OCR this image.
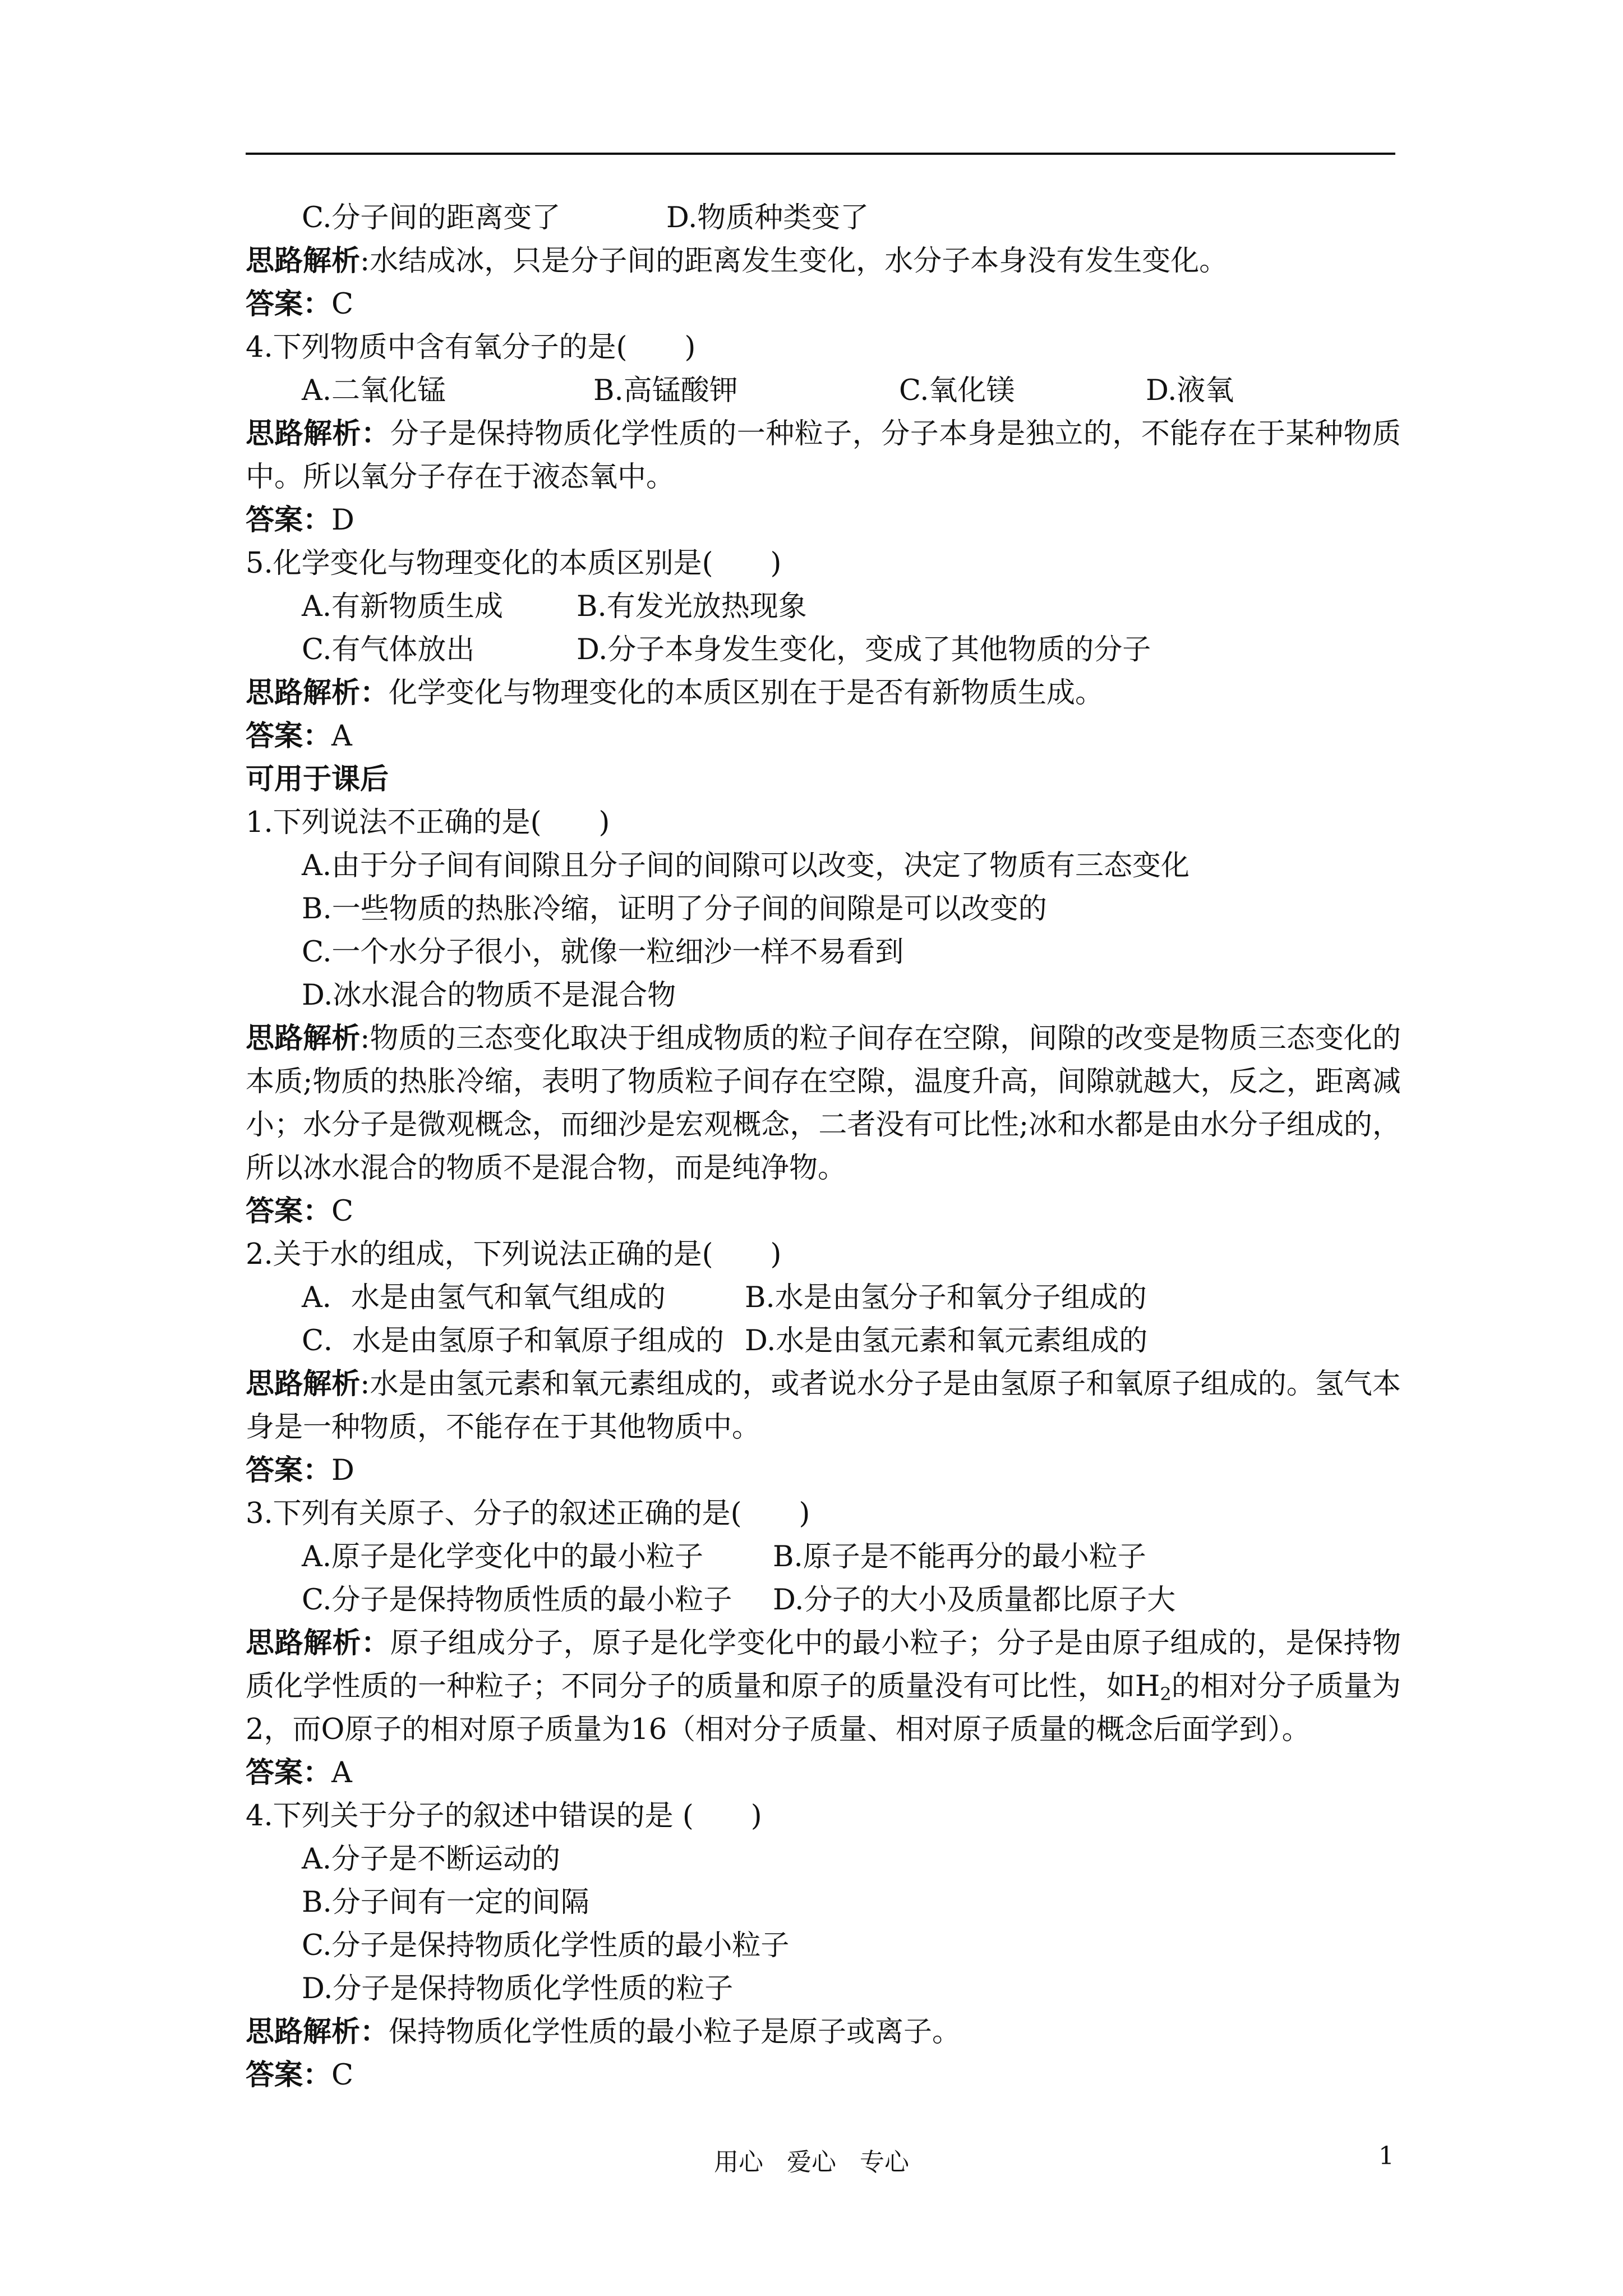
C.分子间的距离变了	D.物质种类变了
思路解析:水结成冰，只是分子间的距离发生变化，水分子本身没有发生变化。
答案：C
4.下列物质中含有氧分子的是(　　)
A.二氧化锰	B.高锰酸钾	C.氧化镁	D.液氧
思路解析：分子是保持物质化学性质的一种粒子，分子本身是独立的，不能存在于某种物质中。所以氧分子存在于液态氧中。
答案：D
5.化学变化与物理变化的本质区别是(　　)
A.有新物质生成	B.有发光放热现象
C.有气体放出	D.分子本身发生变化，变成了其他物质的分子
思路解析：化学变化与物理变化的本质区别在于是否有新物质生成。
答案：A
可用于课后
1.下列说法不正确的是(　　)
A.由于分子间有间隙且分子间的间隙可以改变，决定了物质有三态变化
B.一些物质的热胀冷缩，证明了分子间的间隙是可以改变的
C.一个水分子很小，就像一粒细沙一样不易看到
D.冰水混合的物质不是混合物
思路解析:物质的三态变化取决于组成物质的粒子间存在空隙，间隙的改变是物质三态变化的本质;物质的热胀冷缩，表明了物质粒子间存在空隙，温度升高，间隙就越大，反之，距离减小；水分子是微观概念，而细沙是宏观概念，二者没有可比性;冰和水都是由水分子组成的，所以冰水混合的物质不是混合物，而是纯净物。
答案：C
2.关于水的组成，下列说法正确的是(　　)
A．水是由氢气和氧气组成的	B.水是由氢分子和氧分子组成的
C．水是由氢原子和氧原子组成的 D.水是由氢元素和氧元素组成的
思路解析:水是由氢元素和氧元素组成的，或者说水分子是由氢原子和氧原子组成的。氢气本身是一种物质，不能存在于其他物质中。
答案：D
3.下列有关原子、分子的叙述正确的是(　　)
A.原子是化学变化中的最小粒子 B.原子是不能再分的最小粒子
C.分子是保持物质性质的最小粒子 D.分子的大小及质量都比原子大
思路解析：原子组成分子，原子是化学变化中的最小粒子；分子是由原子组成的，是保持物质化学性质的一种粒子；不同分子的质量和原子的质量没有可比性，如$H_2$的相对分子质量为2，而O原子的相对原子质量为16（相对分子质量、相对原子质量的概念后面学到）。
答案：A
4.下列关于分子的叙述中错误的是 (　　)
A.分子是不断运动的
B.分子间有一定的间隔
C.分子是保持物质化学性质的最小粒子
D.分子是保持物质化学性质的粒子
思路解析：保持物质化学性质的最小粒子是原子或离子。
答案：C
用心 爱心 专心	1
